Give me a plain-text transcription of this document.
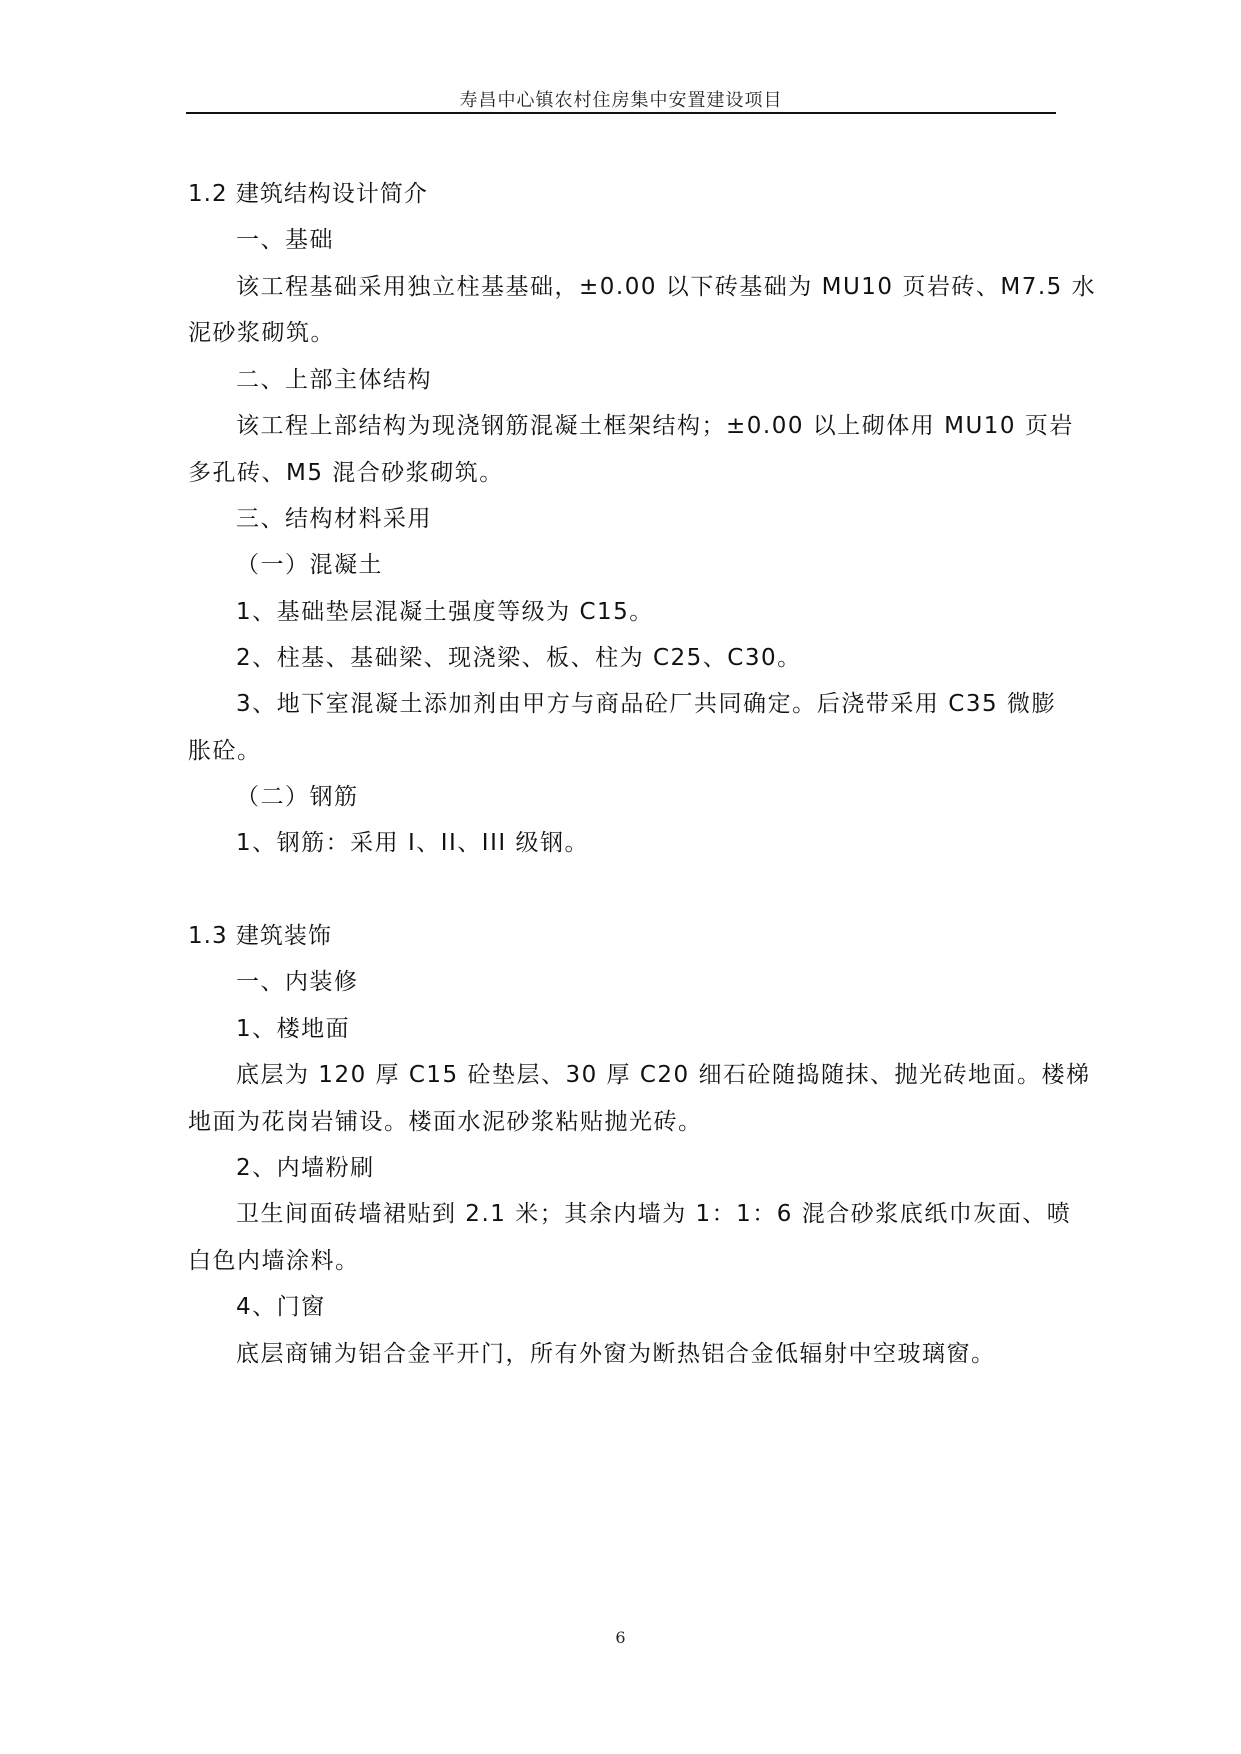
寿昌中心镇农村住房集中安置建设项目
1.2 建筑结构设计简介
一、基础
该工程基础采用独立柱基基础，±0.00 以下砖基础为 MU10 页岩砖、M7.5 水
泥砂浆砌筑。
二、上部主体结构
该工程上部结构为现浇钢筋混凝土框架结构；±0.00 以上砌体用 MU10 页岩
多孔砖、M5 混合砂浆砌筑。
三、结构材料采用
（一）混凝土
1、基础垫层混凝土强度等级为 C15。
2、柱基、基础梁、现浇梁、板、柱为 C25、C30。
3、地下室混凝土添加剂由甲方与商品砼厂共同确定。后浇带采用 C35 微膨
胀砼。
（二）钢筋
1、钢筋：采用 I、II、III 级钢。
1.3 建筑装饰
一、内装修
1、楼地面
底层为 120 厚 C15 砼垫层、30 厚 C20 细石砼随捣随抹、抛光砖地面。楼梯
地面为花岗岩铺设。楼面水泥砂浆粘贴抛光砖。
2、内墙粉刷
卫生间面砖墙裙贴到 2.1 米；其余内墙为 1：1：6 混合砂浆底纸巾灰面、喷
白色内墙涂料。
4、门窗
底层商铺为铝合金平开门，所有外窗为断热铝合金低辐射中空玻璃窗。
6
